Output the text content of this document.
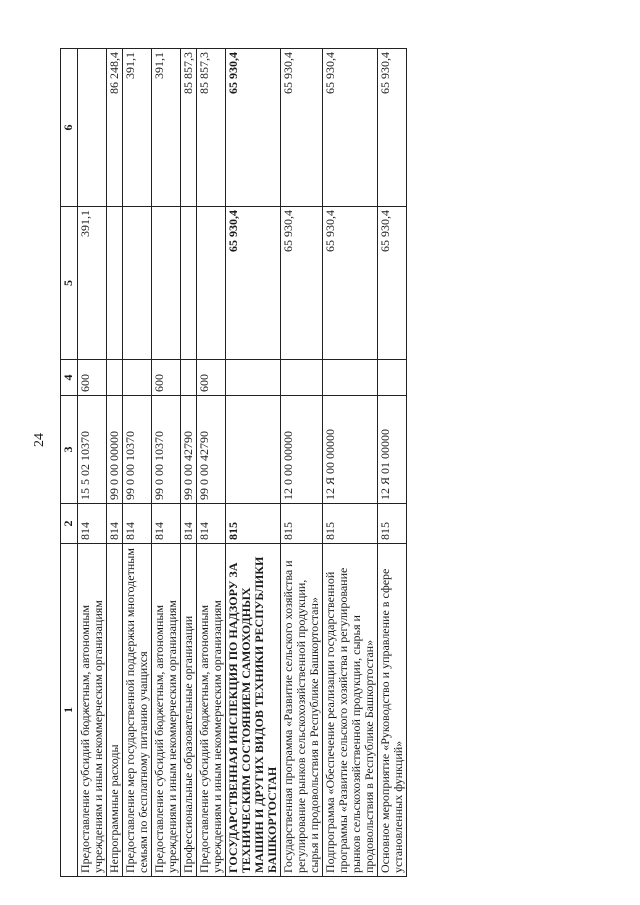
24
1	2	3	4	5	6
Предоставление субсидий бюджетным, автономным учреждениям и иным некоммерческим организациям	814	15 5 02 10370	600	391,1	
Непрограммные расходы	814	99 0 00 00000			86 248,4
Предоставление мер государственной поддержки многодетным семьям по бесплатному питанию учащихся	814	99 0 00 10370			391,1
Предоставление субсидий бюджетным, автономным учреждениям и иным некоммерческим организациям	814	99 0 00 10370	600		391,1
Профессиональные образовательные организации	814	99 0 00 42790			85 857,3
Предоставление субсидий бюджетным, автономным учреждениям и иным некоммерческим организациям	814	99 0 00 42790	600		85 857,3
ГОСУДАРСТВЕННАЯ ИНСПЕКЦИЯ ПО НАДЗОРУ ЗА ТЕХНИЧЕСКИМ СОСТОЯНИЕМ САМОХОДНЫХ МАШИН И ДРУГИХ ВИДОВ ТЕХНИКИ РЕСПУБЛИКИ БАШКОРТОСТАН	815			65 930,4	65 930,4
Государственная программа «Развитие сельского хозяйства и регулирование рынков сельскохозяйственной продукции, сырья и продовольствия в Республике Башкортостан»	815	12 0 00 00000		65 930,4	65 930,4
Подпрограмма «Обеспечение реализации государственной программы «Развитие сельского хозяйства и регулирование рынков сельскохозяйственной продукции, сырья и продовольствия в Республике Башкортостан»	815	12 Я 00 00000		65 930,4	65 930,4
Основное мероприятие «Руководство и управление в сфере установленных функций»	815	12 Я 01 00000		65 930,4	65 930,4
